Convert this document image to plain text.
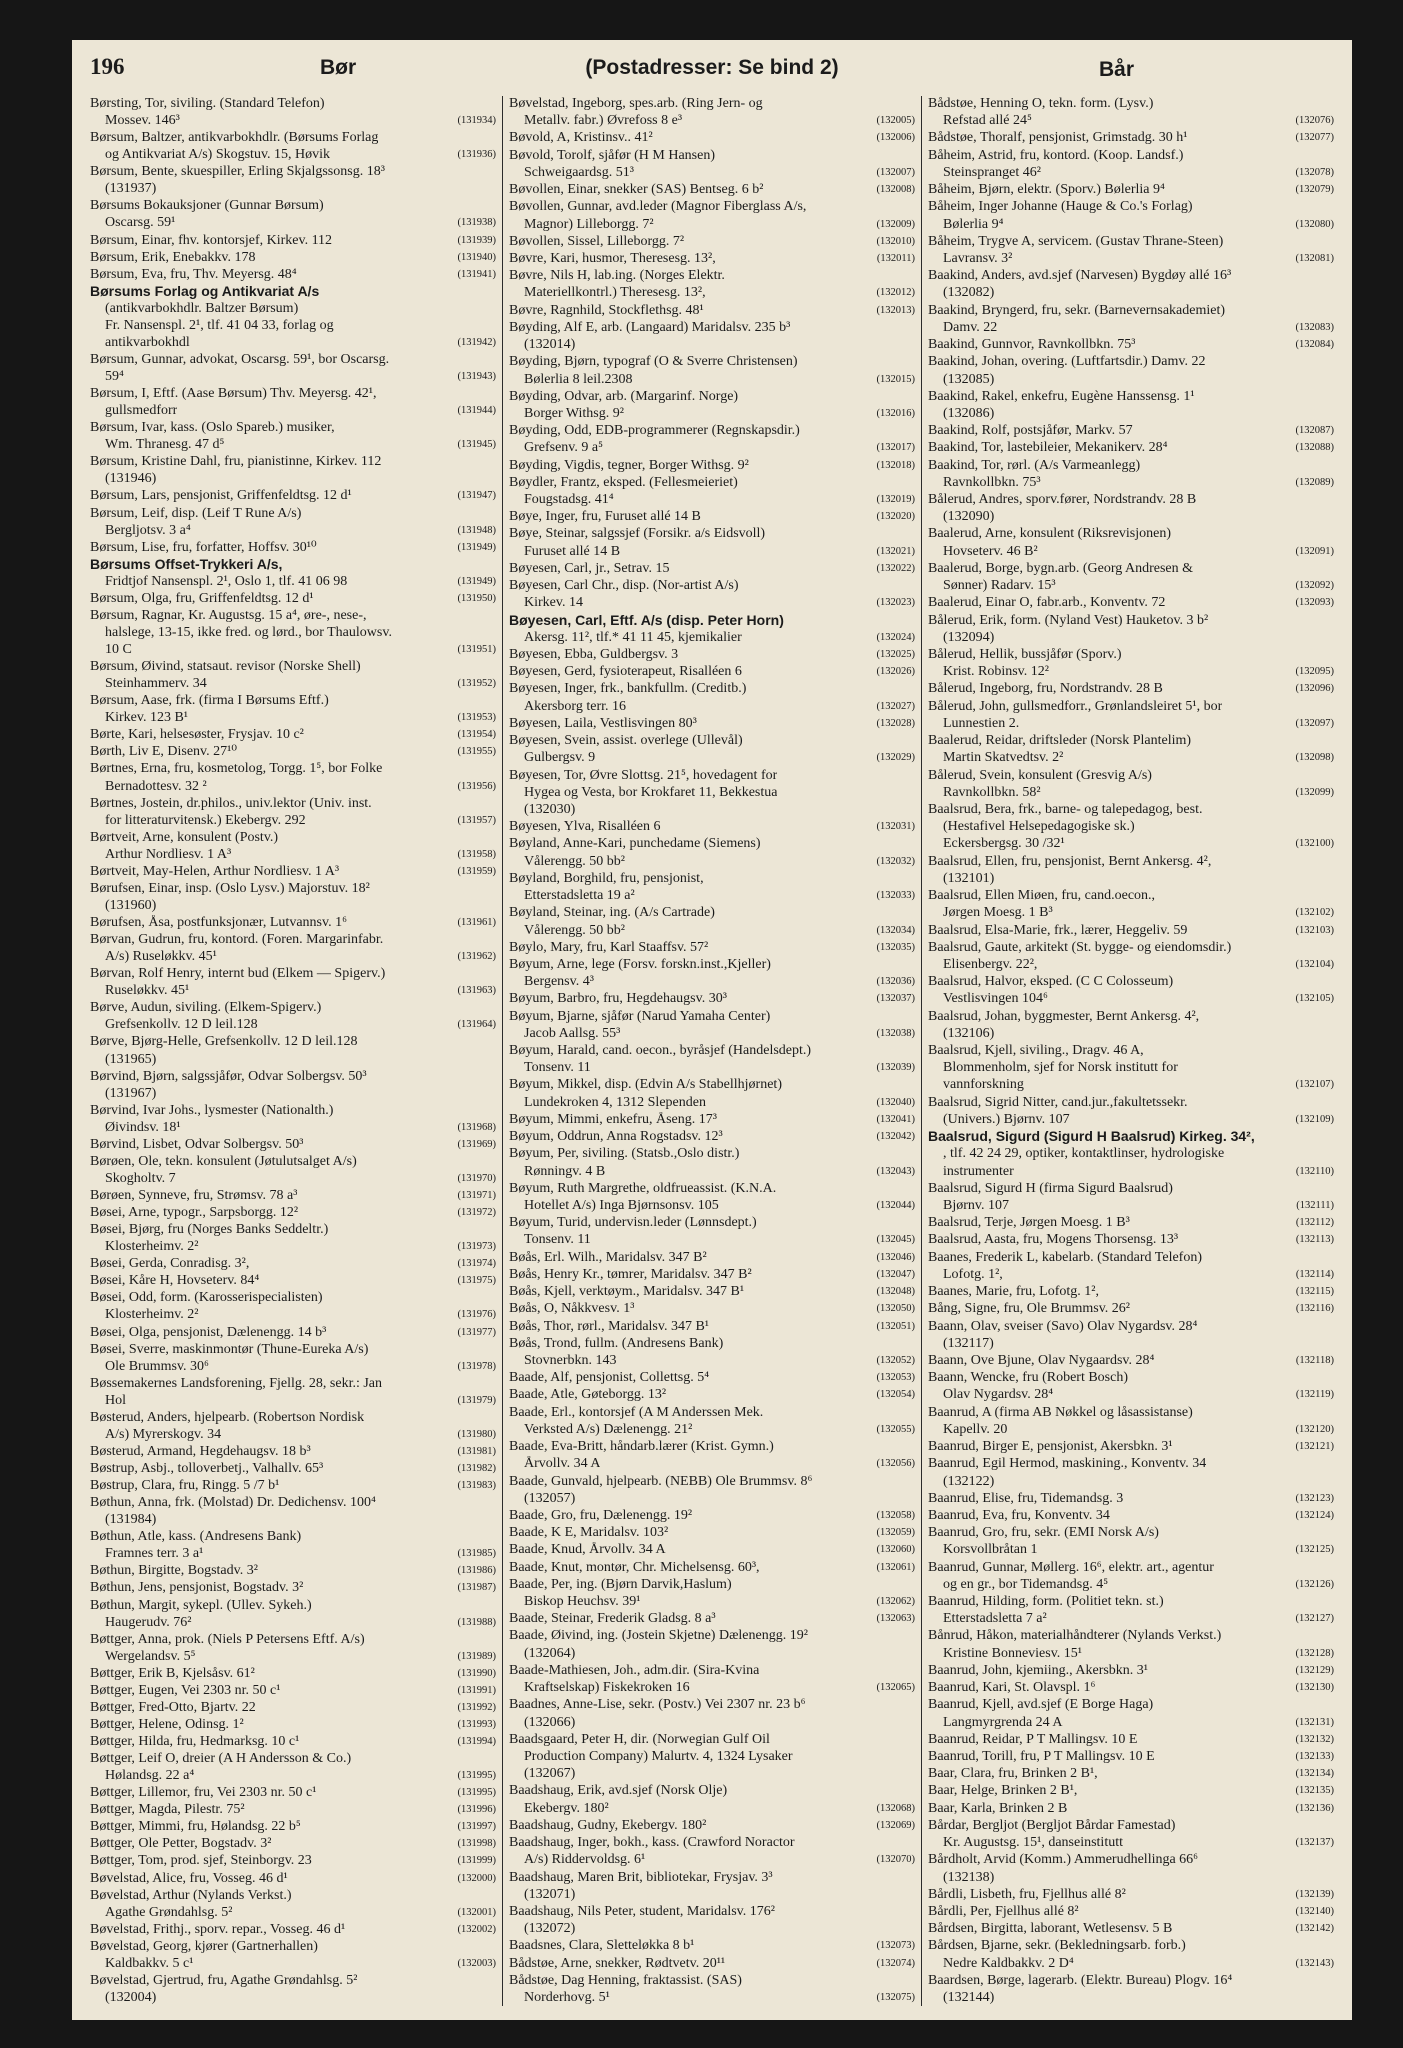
196	Bør	(Postadresser: Se bind 2)	Bår
Børsting, Tor, siviling. (Standard Telefon)
Mossev. 146³	(131934)
Børsum, Baltzer, antikvarbokhdlr. (Børsums Forlag
og Antikvariat A/s) Skogstuv. 15, Høvik	(131936)
Børsum, Bente, skuespiller, Erling Skjalgssonsg. 18³
(131937)
Børsums Bokauksjoner (Gunnar Børsum)
Oscarsg. 59¹	(131938)
Børsum, Einar, fhv. kontorsjef, Kirkev. 112	(131939)
Børsum, Erik, Enebakkv. 178	(131940)
Børsum, Eva, fru, Thv. Meyersg. 48⁴	(131941)
Børsums Forlag og Antikvariat A/s
(antikvarbokhdlr. Baltzer Børsum)
Fr. Nansenspl. 2¹, tlf. 41 04 33, forlag og
antikvarbokhdl	(131942)
Børsum, Gunnar, advokat, Oscarsg. 59¹, bor Oscarsg.
59⁴	(131943)
Børsum, I, Eftf. (Aase Børsum) Thv. Meyersg. 42¹,
gullsmedforr	(131944)
Børsum, Ivar, kass. (Oslo Spareb.) musiker,
Wm. Thranesg. 47 d⁵	(131945)
Børsum, Kristine Dahl, fru, pianistinne, Kirkev. 112
(131946)
Børsum, Lars, pensjonist, Griffenfeldtsg. 12 d¹	(131947)
Børsum, Leif, disp. (Leif T Rune A/s)
Bergljotsv. 3 a⁴	(131948)
Børsum, Lise, fru, forfatter, Hoffsv. 30¹⁰	(131949)
Børsums Offset-Trykkeri A/s,
Fridtjof Nansenspl. 2¹, Oslo 1, tlf. 41 06 98	(131949)
Børsum, Olga, fru, Griffenfeldtsg. 12 d¹	(131950)
Børsum, Ragnar, Kr. Augustsg. 15 a⁴, øre-, nese-,
halslege, 13-15, ikke fred. og lørd., bor Thaulowsv.
10 C	(131951)
Børsum, Øivind, statsaut. revisor (Norske Shell)
Steinhammerv. 34	(131952)
Børsum, Aase, frk. (firma I Børsums Eftf.)
Kirkev. 123 B¹	(131953)
Børte, Kari, helsesøster, Frysjav. 10 c²	(131954)
Børth, Liv E, Disenv. 27¹⁰	(131955)
Børtnes, Erna, fru, kosmetolog, Torgg. 1⁵, bor Folke
Bernadottesv. 32 ²	(131956)
Børtnes, Jostein, dr.philos., univ.lektor (Univ. inst.
for litteraturvitensk.) Ekebergv. 292	(131957)
Børtveit, Arne, konsulent (Postv.)
Arthur Nordliesv. 1 A³	(131958)
Børtveit, May-Helen, Arthur Nordliesv. 1 A³	(131959)
Børufsen, Einar, insp. (Oslo Lysv.) Majorstuv. 18²
(131960)
Børufsen, Åsa, postfunksjonær, Lutvannsv. 1⁶	(131961)
Børvan, Gudrun, fru, kontord. (Foren. Margarinfabr.
A/s) Ruseløkkv. 45¹	(131962)
Børvan, Rolf Henry, internt bud (Elkem — Spigerv.)
Ruseløkkv. 45¹	(131963)
Børve, Audun, siviling. (Elkem-Spigerv.)
Grefsenkollv. 12 D leil.128	(131964)
Børve, Bjørg-Helle, Grefsenkollv. 12 D leil.128
(131965)
Børvind, Bjørn, salgssjåfør, Odvar Solbergsv. 50³
(131967)
Børvind, Ivar Johs., lysmester (Nationalth.)
Øivindsv. 18¹	(131968)
Børvind, Lisbet, Odvar Solbergsv. 50³	(131969)
Børøen, Ole, tekn. konsulent (Jøtulutsalget A/s)
Skogholtv. 7	(131970)
Børøen, Synneve, fru, Strømsv. 78 a³	(131971)
Bøsei, Arne, typogr., Sarpsborgg. 12²	(131972)
Bøsei, Bjørg, fru (Norges Banks Seddeltr.)
Klosterheimv. 2²	(131973)
Bøsei, Gerda, Conradisg. 3²,	(131974)
Bøsei, Kåre H, Hovseterv. 84⁴	(131975)
Bøsei, Odd, form. (Karosserispecialisten)
Klosterheimv. 2²	(131976)
Bøsei, Olga, pensjonist, Dælenengg. 14 b³	(131977)
Bøsei, Sverre, maskinmontør (Thune-Eureka A/s)
Ole Brummsv. 30⁶	(131978)
Bøssemakernes Landsforening, Fjellg. 28, sekr.: Jan
Hol	(131979)
Bøsterud, Anders, hjelpearb. (Robertson Nordisk
A/s) Myrerskogv. 34	(131980)
Bøsterud, Armand, Hegdehaugsv. 18 b³	(131981)
Bøstrup, Asbj., tolloverbetj., Valhallv. 65³	(131982)
Bøstrup, Clara, fru, Ringg. 5 /7 b¹	(131983)
Bøthun, Anna, frk. (Molstad) Dr. Dedichensv. 100⁴
(131984)
Bøthun, Atle, kass. (Andresens Bank)
Framnes terr. 3 a¹	(131985)
Bøthun, Birgitte, Bogstadv. 3²	(131986)
Bøthun, Jens, pensjonist, Bogstadv. 3²	(131987)
Bøthun, Margit, sykepl. (Ullev. Sykeh.)
Haugerudv. 76²	(131988)
Bøttger, Anna, prok. (Niels P Petersens Eftf. A/s)
Wergelandsv. 5⁵	(131989)
Bøttger, Erik B, Kjelsåsv. 61²	(131990)
Bøttger, Eugen, Vei 2303 nr. 50 c¹	(131991)
Bøttger, Fred-Otto, Bjartv. 22	(131992)
Bøttger, Helene, Odinsg. 1²	(131993)
Bøttger, Hilda, fru, Hedmarksg. 10 c¹	(131994)
Bøttger, Leif O, dreier (A H Andersson & Co.)
Hølandsg. 22 a⁴	(131995)
Bøttger, Lillemor, fru, Vei 2303 nr. 50 c¹	(131995)
Bøttger, Magda, Pilestr. 75²	(131996)
Bøttger, Mimmi, fru, Hølandsg. 22 b⁵	(131997)
Bøttger, Ole Petter, Bogstadv. 3²	(131998)
Bøttger, Tom, prod. sjef, Steinborgv. 23	(131999)
Bøvelstad, Alice, fru, Vosseg. 46 d¹	(132000)
Bøvelstad, Arthur (Nylands Verkst.)
Agathe Grøndahlsg. 5²	(132001)
Bøvelstad, Frithj., sporv. repar., Vosseg. 46 d¹	(132002)
Bøvelstad, Georg, kjører (Gartnerhallen)
Kaldbakkv. 5 c¹	(132003)
Bøvelstad, Gjertrud, fru, Agathe Grøndahlsg. 5²
(132004)
Bøvelstad, Ingeborg, spes.arb. (Ring Jern- og
Metallv. fabr.) Øvrefoss 8 e³	(132005)
Bøvold, A, Kristinsv.. 41²	(132006)
Bøvold, Torolf, sjåfør (H M Hansen)
Schweigaardsg. 51³	(132007)
Bøvollen, Einar, snekker (SAS) Bentseg. 6 b²	(132008)
Bøvollen, Gunnar, avd.leder (Magnor Fiberglass A/s,
Magnor) Lilleborgg. 7²	(132009)
Bøvollen, Sissel, Lilleborgg. 7²	(132010)
Bøvre, Kari, husmor, Theresesg. 13²,	(132011)
Bøvre, Nils H, lab.ing. (Norges Elektr.
Materiellkontrl.) Theresesg. 13²,	(132012)
Bøvre, Ragnhild, Stockflethsg. 48¹	(132013)
Bøyding, Alf E, arb. (Langaard) Maridalsv. 235 b³
(132014)
Bøyding, Bjørn, typograf (O & Sverre Christensen)
Bølerlia 8 leil.2308	(132015)
Bøyding, Odvar, arb. (Margarinf. Norge)
Borger Withsg. 9²	(132016)
Bøyding, Odd, EDB-programmerer (Regnskapsdir.)
Grefsenv. 9 a⁵	(132017)
Bøyding, Vigdis, tegner, Borger Withsg. 9²	(132018)
Bøydler, Frantz, eksped. (Fellesmeieriet)
Fougstadsg. 41⁴	(132019)
Bøye, Inger, fru, Furuset allé 14 B	(132020)
Bøye, Steinar, salgssjef (Forsikr. a/s Eidsvoll)
Furuset allé 14 B	(132021)
Bøyesen, Carl, jr., Setrav. 15	(132022)
Bøyesen, Carl Chr., disp. (Nor-artist A/s)
Kirkev. 14	(132023)
Bøyesen, Carl, Eftf. A/s (disp. Peter Horn)
Akersg. 11², tlf.* 41 11 45, kjemikalier	(132024)
Bøyesen, Ebba, Guldbergsv. 3	(132025)
Bøyesen, Gerd, fysioterapeut, Risalléen 6	(132026)
Bøyesen, Inger, frk., bankfullm. (Creditb.)
Akersborg terr. 16	(132027)
Bøyesen, Laila, Vestlisvingen 80³	(132028)
Bøyesen, Svein, assist. overlege (Ullevål)
Gulbergsv. 9	(132029)
Bøyesen, Tor, Øvre Slottsg. 21⁵, hovedagent for
Hygea og Vesta, bor Krokfaret 11, Bekkestua
(132030)
Bøyesen, Ylva, Risalléen 6	(132031)
Bøyland, Anne-Kari, punchedame (Siemens)
Vålerengg. 50 bb²	(132032)
Bøyland, Borghild, fru, pensjonist,
Etterstadsletta 19 a²	(132033)
Bøyland, Steinar, ing. (A/s Cartrade)
Vålerengg. 50 bb²	(132034)
Bøylo, Mary, fru, Karl Staaffsv. 57²	(132035)
Bøyum, Arne, lege (Forsv. forskn.inst.,Kjeller)
Bergensv. 4³	(132036)
Bøyum, Barbro, fru, Hegdehaugsv. 30³	(132037)
Bøyum, Bjarne, sjåfør (Narud Yamaha Center)
Jacob Aallsg. 55³	(132038)
Bøyum, Harald, cand. oecon., byråsjef (Handelsdept.)
Tonsenv. 11	(132039)
Bøyum, Mikkel, disp. (Edvin A/s Stabellhjørnet)
Lundekroken 4, 1312 Slependen	(132040)
Bøyum, Mimmi, enkefru, Åseng. 17³	(132041)
Bøyum, Oddrun, Anna Rogstadsv. 12³	(132042)
Bøyum, Per, siviling. (Statsb.,Oslo distr.)
Rønningv. 4 B	(132043)
Bøyum, Ruth Margrethe, oldfrueassist. (K.N.A.
Hotellet A/s) Inga Bjørnsonsv. 105	(132044)
Bøyum, Turid, undervisn.leder (Lønnsdept.)
Tonsenv. 11	(132045)
Bøås, Erl. Wilh., Maridalsv. 347 B²	(132046)
Bøås, Henry Kr., tømrer, Maridalsv. 347 B²	(132047)
Bøås, Kjell, verktøym., Maridalsv. 347 B¹	(132048)
Bøås, O, Nåkkvesv. 1³	(132050)
Bøås, Thor, rørl., Maridalsv. 347 B¹	(132051)
Bøås, Trond, fullm. (Andresens Bank)
Stovnerbkn. 143	(132052)
Baade, Alf, pensjonist, Collettsg. 5⁴	(132053)
Baade, Atle, Gøteborgg. 13²	(132054)
Baade, Erl., kontorsjef (A M Anderssen Mek.
Verksted A/s) Dælenengg. 21²	(132055)
Baade, Eva-Britt, håndarb.lærer (Krist. Gymn.)
Årvollv. 34 A	(132056)
Baade, Gunvald, hjelpearb. (NEBB) Ole Brummsv. 8⁶
(132057)
Baade, Gro, fru, Dælenengg. 19²	(132058)
Baade, K E, Maridalsv. 103²	(132059)
Baade, Knud, Årvollv. 34 A	(132060)
Baade, Knut, montør, Chr. Michelsensg. 60³,	(132061)
Baade, Per, ing. (Bjørn Darvik,Haslum)
Biskop Heuchsv. 39¹	(132062)
Baade, Steinar, Frederik Gladsg. 8 a³	(132063)
Baade, Øivind, ing. (Jostein Skjetne) Dælenengg. 19²
(132064)
Baade-Mathiesen, Joh., adm.dir. (Sira-Kvina
Kraftselskap) Fiskekroken 16	(132065)
Baadnes, Anne-Lise, sekr. (Postv.) Vei 2307 nr. 23 b⁶
(132066)
Baadsgaard, Peter H, dir. (Norwegian Gulf Oil
Production Company) Malurtv. 4, 1324 Lysaker
(132067)
Baadshaug, Erik, avd.sjef (Norsk Olje)
Ekebergv. 180²	(132068)
Baadshaug, Gudny, Ekebergv. 180²	(132069)
Baadshaug, Inger, bokh., kass. (Crawford Noractor
A/s) Riddervoldsg. 6¹	(132070)
Baadshaug, Maren Brit, bibliotekar, Frysjav. 3³
(132071)
Baadshaug, Nils Peter, student, Maridalsv. 176²
(132072)
Baadsnes, Clara, Sletteløkka 8 b¹	(132073)
Bådstøe, Arne, snekker, Rødtvetv. 20¹¹	(132074)
Bådstøe, Dag Henning, fraktassist. (SAS)
Norderhovg. 5¹	(132075)
Bådstøe, Henning O, tekn. form. (Lysv.)
Refstad allé 24⁵	(132076)
Bådstøe, Thoralf, pensjonist, Grimstadg. 30 h¹	(132077)
Båheim, Astrid, fru, kontord. (Koop. Landsf.)
Steinspranget 46²	(132078)
Båheim, Bjørn, elektr. (Sporv.) Bølerlia 9⁴	(132079)
Båheim, Inger Johanne (Hauge & Co.'s Forlag)
Bølerlia 9⁴	(132080)
Båheim, Trygve A, servicem. (Gustav Thrane-Steen)
Lavransv. 3²	(132081)
Baakind, Anders, avd.sjef (Narvesen) Bygdøy allé 16³
(132082)
Baakind, Bryngerd, fru, sekr. (Barnevernsakademiet)
Damv. 22	(132083)
Baakind, Gunnvor, Ravnkollbkn. 75³	(132084)
Baakind, Johan, overing. (Luftfartsdir.) Damv. 22
(132085)
Baakind, Rakel, enkefru, Eugène Hanssensg. 1¹
(132086)
Baakind, Rolf, postsjåfør, Markv. 57	(132087)
Baakind, Tor, lastebileier, Mekanikerv. 28⁴	(132088)
Baakind, Tor, rørl. (A/s Varmeanlegg)
Ravnkollbkn. 75³	(132089)
Bålerud, Andres, sporv.fører, Nordstrandv. 28 B
(132090)
Baalerud, Arne, konsulent (Riksrevisjonen)
Hovseterv. 46 B²	(132091)
Baalerud, Borge, bygn.arb. (Georg Andresen &
Sønner) Radarv. 15³	(132092)
Baalerud, Einar O, fabr.arb., Konventv. 72	(132093)
Bålerud, Erik, form. (Nyland Vest) Hauketov. 3 b²
(132094)
Bålerud, Hellik, bussjåfør (Sporv.)
Krist. Robinsv. 12²	(132095)
Bålerud, Ingeborg, fru, Nordstrandv. 28 B	(132096)
Bålerud, John, gullsmedforr., Grønlandsleiret 5¹, bor
Lunnestien 2.	(132097)
Baalerud, Reidar, driftsleder (Norsk Plantelim)
Martin Skatvedtsv. 2²	(132098)
Bålerud, Svein, konsulent (Gresvig A/s)
Ravnkollbkn. 58²	(132099)
Baalsrud, Bera, frk., barne- og talepedagog, best.
(Hestafivel Helsepedagogiske sk.)
Eckersbergsg. 30 /32¹	(132100)
Baalsrud, Ellen, fru, pensjonist, Bernt Ankersg. 4²,
(132101)
Baalsrud, Ellen Miøen, fru, cand.oecon.,
Jørgen Moesg. 1 B³	(132102)
Baalsrud, Elsa-Marie, frk., lærer, Heggeliv. 59	(132103)
Baalsrud, Gaute, arkitekt (St. bygge- og eiendomsdir.)
Elisenbergv. 22²,	(132104)
Baalsrud, Halvor, eksped. (C C Colosseum)
Vestlisvingen 104⁶	(132105)
Baalsrud, Johan, byggmester, Bernt Ankersg. 4²,
(132106)
Baalsrud, Kjell, siviling., Dragv. 46 A,
Blommenholm, sjef for Norsk institutt for
vannforskning	(132107)
Baalsrud, Sigrid Nitter, cand.jur.,fakultetssekr.
(Univers.) Bjørnv. 107	(132109)
Baalsrud, Sigurd (Sigurd H Baalsrud) Kirkeg. 34²,
, tlf. 42 24 29, optiker, kontaktlinser, hydrologiske
instrumenter	(132110)
Baalsrud, Sigurd H (firma Sigurd Baalsrud)
Bjørnv. 107	(132111)
Baalsrud, Terje, Jørgen Moesg. 1 B³	(132112)
Baalsrud, Aasta, fru, Mogens Thorsensg. 13³	(132113)
Baanes, Frederik L, kabelarb. (Standard Telefon)
Lofotg. 1²,	(132114)
Baanes, Marie, fru, Lofotg. 1²,	(132115)
Bång, Signe, fru, Ole Brummsv. 26²	(132116)
Baann, Olav, sveiser (Savo) Olav Nygardsv. 28⁴
(132117)
Baann, Ove Bjune, Olav Nygaardsv. 28⁴	(132118)
Baann, Wencke, fru (Robert Bosch)
Olav Nygardsv. 28⁴	(132119)
Baanrud, A (firma AB Nøkkel og låsassistanse)
Kapellv. 20	(132120)
Baanrud, Birger E, pensjonist, Akersbkn. 3¹	(132121)
Baanrud, Egil Hermod, maskining., Konventv. 34
(132122)
Baanrud, Elise, fru, Tidemandsg. 3	(132123)
Baanrud, Eva, fru, Konventv. 34	(132124)
Baanrud, Gro, fru, sekr. (EMI Norsk A/s)
Korsvollbråtan 1	(132125)
Baanrud, Gunnar, Møllerg. 16⁶, elektr. art., agentur
og en gr., bor Tidemandsg. 4⁵	(132126)
Baanrud, Hilding, form. (Politiet tekn. st.)
Etterstadsletta 7 a²	(132127)
Bånrud, Håkon, materialhåndterer (Nylands Verkst.)
Kristine Bonneviesv. 15¹	(132128)
Baanrud, John, kjemiing., Akersbkn. 3¹	(132129)
Baanrud, Kari, St. Olavspl. 1⁶	(132130)
Baanrud, Kjell, avd.sjef (E Borge Haga)
Langmyrgrenda 24 A	(132131)
Baanrud, Reidar, P T Mallingsv. 10 E	(132132)
Baanrud, Torill, fru, P T Mallingsv. 10 E	(132133)
Baar, Clara, fru, Brinken 2 B¹,	(132134)
Baar, Helge, Brinken 2 B¹,	(132135)
Baar, Karla, Brinken 2 B	(132136)
Bårdar, Bergljot (Bergljot Bårdar Famestad)
Kr. Augustsg. 15¹, danseinstitutt	(132137)
Bårdholt, Arvid (Komm.) Ammerudhellinga 66⁶
(132138)
Bårdli, Lisbeth, fru, Fjellhus allé 8²	(132139)
Bårdli, Per, Fjellhus allé 8²	(132140)
Bårdsen, Birgitta, laborant, Wetlesensv. 5 B	(132142)
Bårdsen, Bjarne, sekr. (Bekledningsarb. forb.)
Nedre Kaldbakkv. 2 D⁴	(132143)
Baardsen, Børge, lagerarb. (Elektr. Bureau) Plogv. 16⁴
(132144)
